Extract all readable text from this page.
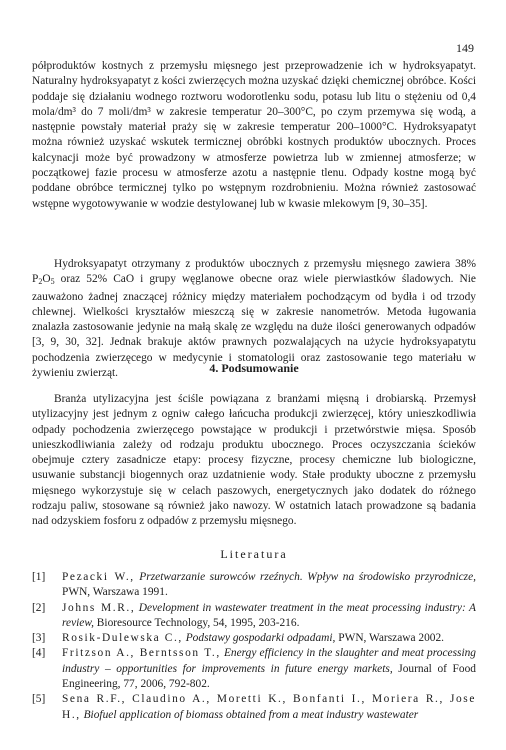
149

półproduktów kostnych z przemysłu mięsnego jest przeprowadzenie ich w hydroksyapatyt. Naturalny hydroksyapatyt z kości zwierzęcych można uzyskać dzięki chemicznej obróbce. Kości poddaje się działaniu wodnego roztworu wodorotlenku sodu, potasu lub litu o stężeniu od 0,4 mola/dm³ do 7 moli/dm³ w zakresie temperatur 20–300°C, po czym przemywa się wodą, a następnie powstały materiał praży się w zakresie temperatur 200–1000°C. Hydroksyapatyt można również uzyskać wskutek termicznej obróbki kostnych produktów ubocznych. Proces kalcynacji może być prowadzony w atmosferze powietrza lub w zmiennej atmosferze; w początkowej fazie procesu w atmosferze azotu a następnie tlenu. Odpady kostne mogą być poddane obróbce termicznej tylko po wstępnym rozdrobnieniu. Można również zastosować wstępne wygotowywanie w wodzie destylowanej lub w kwasie mlekowym [9, 30–35].

Hydroksyapatyt otrzymany z produktów ubocznych z przemysłu mięsnego zawiera 38% $P_2O_5$ oraz 52% CaO i grupy węglanowe obecne oraz wiele pierwiastków śladowych. Nie zauważono żadnej znaczącej różnicy między materiałem pochodzącym od bydła i od trzody chlewnej. Wielkości kryształów mieszczą się w zakresie nanometrów. Metoda ługowania znalazła zastosowanie jedynie na małą skalę ze względu na duże ilości generowanych odpadów [3, 9, 30, 32]. Jednak brakuje aktów prawnych pozwalających na użycie hydroksyapatytu pochodzenia zwierzęcego w medycynie i stomatologii oraz zastosowanie tego materiału w żywieniu zwierząt.	4. Podsumowanie

Branża utylizacyjna jest ściśle powiązana z branżami mięsną i drobiarską. Przemysł utylizacyjny jest jednym z ogniw całego łańcucha produkcji zwierzęcej, który unieszkodliwia odpady pochodzenia zwierzęcego powstające w produkcji i przetwórstwie mięsa. Sposób unieszkodliwiania zależy od rodzaju produktu ubocznego. Proces oczyszczania ścieków obejmuje cztery zasadnicze etapy: procesy fizyczne, procesy chemiczne lub biologiczne, usuwanie substancji biogennych oraz uzdatnienie wody. Stałe produkty uboczne z przemysłu mięsnego wykorzystuje się w celach paszowych, energetycznych jako dodatek do różnego rodzaju paliw, stosowane są również jako nawozy. W ostatnich latach prowadzone są badania nad odzyskiem fosforu z odpadów z przemysłu mięsnego.

Literatura
[1] Pezacki W., Przetwarzanie surowców rzeźnych. Wpływ na środowisko przyrodnicze, PWN, Warszawa 1991.
[2] Johns M.R., Development in wastewater treatment in the meat processing industry: A review, Bioresource Technology, 54, 1995, 203-216.
[3] Rosik-Dulewska C., Podstawy gospodarki odpadami, PWN, Warszawa 2002.
[4] Fritzson A., Berntsson T., Energy efficiency in the slaughter and meat processing industry – opportunities for improvements in future energy markets, Journal of Food Engineering, 77, 2006, 792-802.
[5] Sena R.F., Claudino A., Moretti K., Bonfanti I., Moriera R., Jose H., Biofuel application of biomass obtained from a meat industry wastewater
